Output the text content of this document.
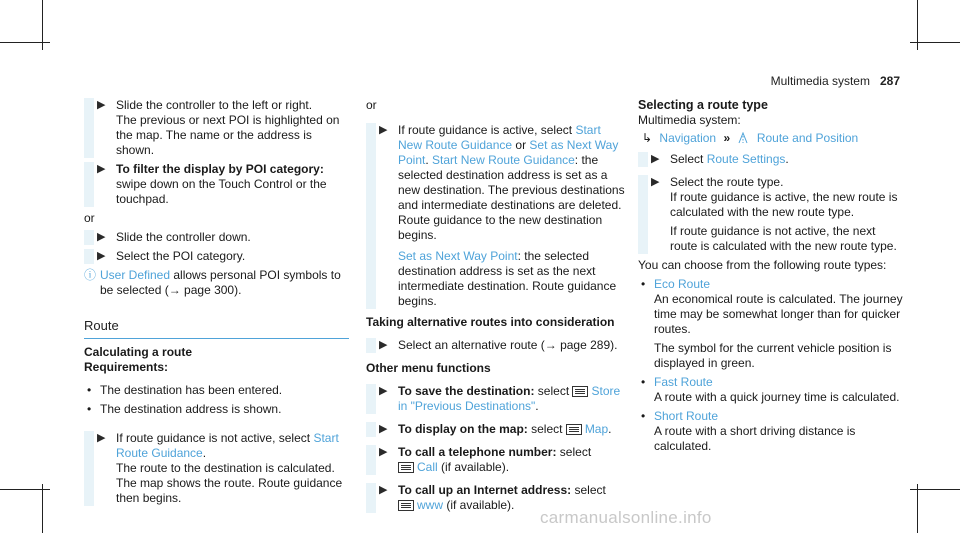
Multimedia system 287
▶ Slide the controller to the left or right.
The previous or next POI is highlighted on the map. The name or the address is shown.
▶ To filter the display by POI category:
swipe down on the Touch Control or the touchpad.

or

▶ Slide the controller down.
▶ Select the POI category.
ⓘ User Defined allows personal POI symbols to be selected (→ page 300).
Route
Calculating a route
Requirements:
• The destination has been entered.
• The destination address is shown.
▶ If route guidance is not active, select Start Route Guidance.
The route to the destination is calculated. The map shows the route. Route guidance then begins.

or

▶ If route guidance is active, select Start New Route Guidance or Set as Next Way Point. Start New Route Guidance: the selected destination address is set as a new destination. The previous destinations and intermediate destinations are deleted. Route guidance to the new destination begins.

Set as Next Way Point: the selected destination address is set as the next intermediate destination. Route guidance begins.

Taking alternative routes into consideration
▶ Select an alternative route (→ page 289).
Other menu functions
▶ To save the destination: select Store in "Previous Destinations".
▶ To display on the map: select Map.
▶ To call a telephone number: select
Call (if available).
▶ To call up an Internet address: select
www (if available).
Selecting a route type
Multimedia system:
↳ Navigation » Route and Position
▶ Select Route Settings.
▶ Select the route type.

If route guidance is active, the new route is calculated with the new route type.

If route guidance is not active, the next route is calculated with the new route type.

You can choose from the following route types:

• Eco Route

An economical route is calculated. The journey time may be somewhat longer than for quicker routes.

The symbol for the current vehicle position is displayed in green.

• Fast Route

A route with a quick journey time is calculated.

• Short Route

A route with a short driving distance is calculated.

carmanualsonline.info
